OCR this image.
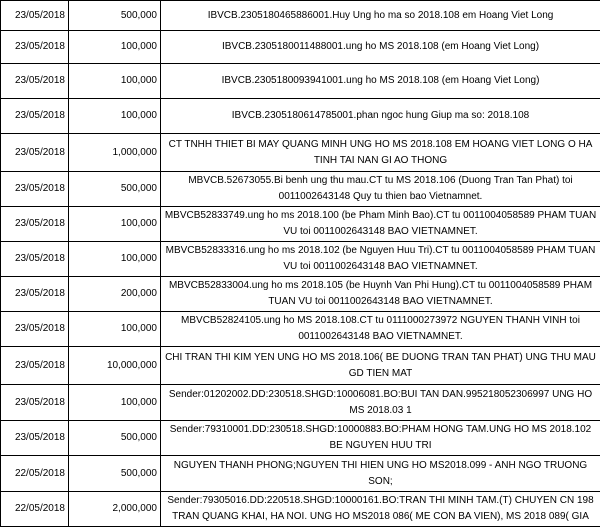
23/05/2018	500,000	IBVCB.2305180465886001.Huy Ung ho ma so 2018.108 em Hoang Viet Long
23/05/2018	100,000	IBVCB.2305180011488001.ung ho MS 2018.108 (em Hoang Viet Long)
23/05/2018	100,000	IBVCB.2305180093941001.ung ho MS 2018.108 (em Hoang Viet Long)
23/05/2018	100,000	IBVCB.2305180614785001.phan ngoc hung Giup ma so: 2018.108
23/05/2018	1,000,000	CT TNHH THIET BI MAY QUANG MINH UNG HO MS 2018.108 EM HOANG VIET LONG O HA TINH TAI NAN GI AO THONG
23/05/2018	500,000	MBVCB.52673055.Bi benh ung thu mau.CT tu MS 2018.106 (Duong Tran Tan Phat) toi 0011002643148 Quy tu thien bao Vietnamnet.
23/05/2018	100,000	MBVCB52833749.ung ho ms 2018.100 (be Pham Minh Bao).CT tu 0011004058589 PHAM TUAN VU toi 0011002643148 BAO VIETNAMNET.
23/05/2018	100,000	MBVCB52833316.ung ho ms 2018.102 (be Nguyen Huu Tri).CT tu 0011004058589 PHAM TUAN VU toi 0011002643148 BAO VIETNAMNET.
23/05/2018	200,000	MBVCB52833004.ung ho ms 2018.105 (be Huynh Van Phi Hung).CT tu 0011004058589 PHAM TUAN VU toi 0011002643148 BAO VIETNAMNET.
23/05/2018	100,000	MBVCB52824105.ung ho MS 2018.108.CT tu 0111000273972 NGUYEN THANH VINH toi 0011002643148 BAO VIETNAMNET.
23/05/2018	10,000,000	CHI TRAN THI KIM YEN UNG HO MS 2018.106( BE DUONG TRAN TAN PHAT) UNG THU MAU GD TIEN MAT
23/05/2018	100,000	Sender:01202002.DD:230518.SHGD:10006081.BO:BUI TAN DAN.995218052306997 UNG HO MS 2018.03 1
23/05/2018	500,000	Sender:79310001.DD:230518.SHGD:10000883.BO:PHAM HONG TAM.UNG HO MS 2018.102 BE NGUYEN HUU TRI
22/05/2018	500,000	NGUYEN THANH PHONG;NGUYEN THI HIEN UNG HO MS2018.099 - ANH NGO TRUONG SON;
22/05/2018	2,000,000	Sender:79305016.DD:220518.SHGD:10000161.BO:TRAN THI MINH TAM.(T) CHUYEN CN 198 TRAN QUANG KHAI, HA NOI. UNG HO MS2018 086( ME CON BA VIEN), MS 2018 089( GIA
